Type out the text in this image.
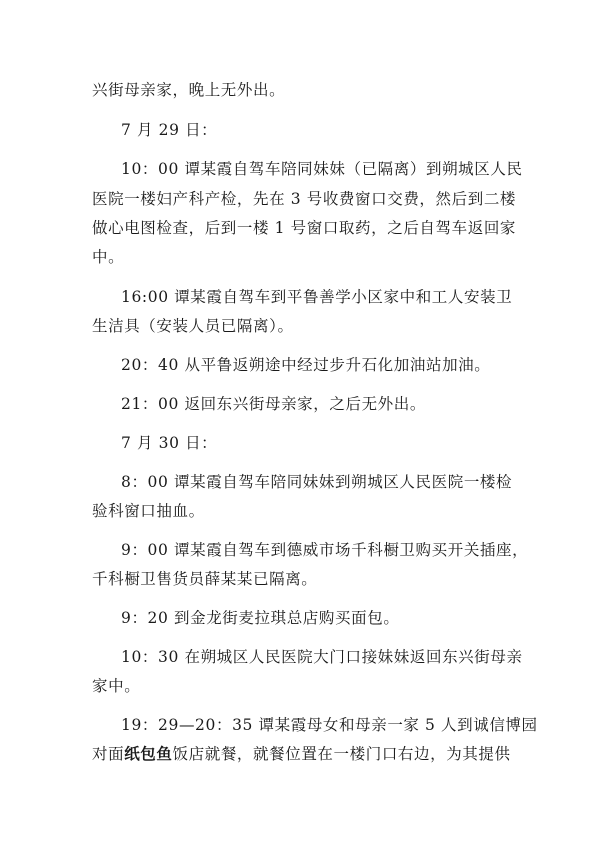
兴街母亲家，晚上无外出。
7 月 29 日：
10：00 谭某霞自驾车陪同妹妹（已隔离）到朔城区人民
医院一楼妇产科产检，先在 3 号收费窗口交费，然后到二楼
做心电图检查，后到一楼 1 号窗口取药，之后自驾车返回家
中。
16:00 谭某霞自驾车到平鲁善学小区家中和工人安装卫
生洁具（安装人员已隔离）。
20：40 从平鲁返朔途中经过步升石化加油站加油。
21：00 返回东兴街母亲家，之后无外出。
7 月 30 日：
8：00 谭某霞自驾车陪同妹妹到朔城区人民医院一楼检
验科窗口抽血。
9：00 谭某霞自驾车到德威市场千科橱卫购买开关插座，
千科橱卫售货员薛某某已隔离。
9：20 到金龙街麦拉琪总店购买面包。
10：30 在朔城区人民医院大门口接妹妹返回东兴街母亲
家中。
19：29—20：35 谭某霞母女和母亲一家 5 人到诚信博园
对面纸包鱼饭店就餐，就餐位置在一楼门口右边，为其提供
